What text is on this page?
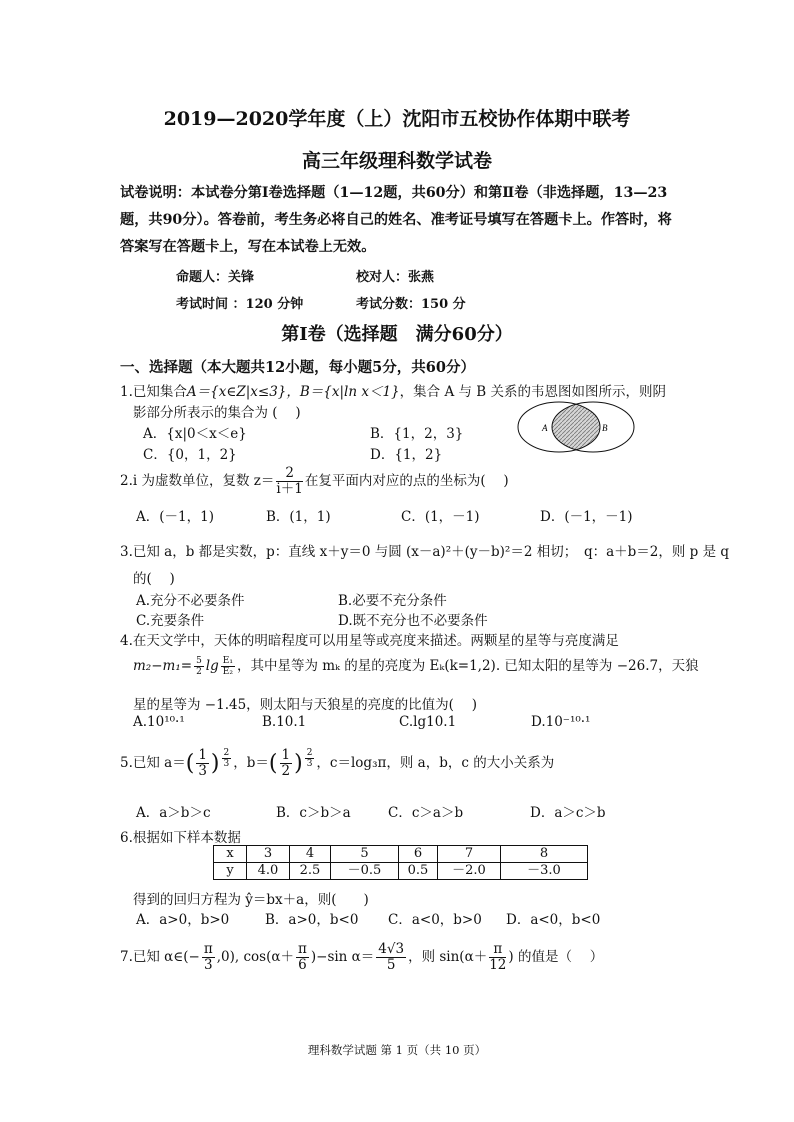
2019—2020学年度（上）沈阳市五校协作体期中联考
高三年级理科数学试卷
试卷说明：本试卷分第Ⅰ卷选择题（1—12题，共60分）和第Ⅱ卷（非选择题，13—23题，共90分）。答卷前，考生务必将自己的姓名、准考证号填写在答题卡上。作答时，将答案写在答题卡上，写在本试卷上无效。
命题人：关锋	校对人：张燕
考试时间 ：120 分钟	考试分数：150 分
第Ⅰ卷（选择题　满分60分）
一、选择题（本大题共12小题，每小题5分，共60分）
1.已知集合A＝{x∈Z|x≤3}，B＝{x|ln x＜1}，集合 A 与 B 关系的韦恩图如图所示，则阴
影部分所表示的集合为 (　 )
A．{x|0＜x＜e}	B．{1，2，3}
C．{0，1，2}	D．{1，2}
A	B
2.i 为虚数单位，复数 $z= \frac{2}{i+1}$ 在复平面内对应的点的坐标为(　 )
A．(－1，1)	B．(1，1)	C．(1，－1)	D．(－1，－1)
3.已知 a，b 都是实数，p：直线 x＋y＝0 与圆 (x－a)²＋(y－b)²＝2 相切；　q：a＋b＝2，则 p 是 q
的(　 )
A.充分不必要条件	B.必要不充分条件
C.充要条件	D.既不充分也不必要条件
4.在天文学中，天体的明暗程度可以用星等或亮度来描述。两颗星的星等与亮度满足
$m_2-m_1= \frac{5}{2}$ $\lg \frac{\text{E₁}}{\text{E₂}}$ ，其中星等为 mₖ 的星的亮度为 Eₖ(k=1,2). 已知太阳的星等为 −26.7，天狼
星的星等为 −1.45，则太阳与天狼星的亮度的比值为(　 )
A.10¹⁰·¹	B.10.1	C.lg10.1	D.10⁻¹⁰·¹
5.已知 $a=( \frac{1}{3}$ ) $\frac{2}{3}$ ，$b=( \frac{1}{2}$ ) $\frac{2}{3}$ ，c＝log₃π，则 a，b，c 的大小关系为
A．a＞b＞c	B．c＞b＞a	C．c＞a＞b	D．a＞c＞b
6.根据如下样本数据
x	3	4	5	6	7	8
y	4.0	2.5	－0.5	0.5	－2.0	－3.0
得到的回归方程为 ŷ＝bx＋a，则(　　)
A．a>0，b>0	B．a>0，b<0 C．a<0，b>0 D．a<0，b<0
7.已知 α∈(− $\frac{\pi}{3} ,0$), $\cos(\alpha+ \frac{\pi}{6} )-\sin$ $\alpha= \frac{4√3}{5}$ ，则 $\sin(\alpha+ \frac{\pi}{12}$ ) 的值是（　 ）
理科数学试题 第 1 页（共 10 页）
